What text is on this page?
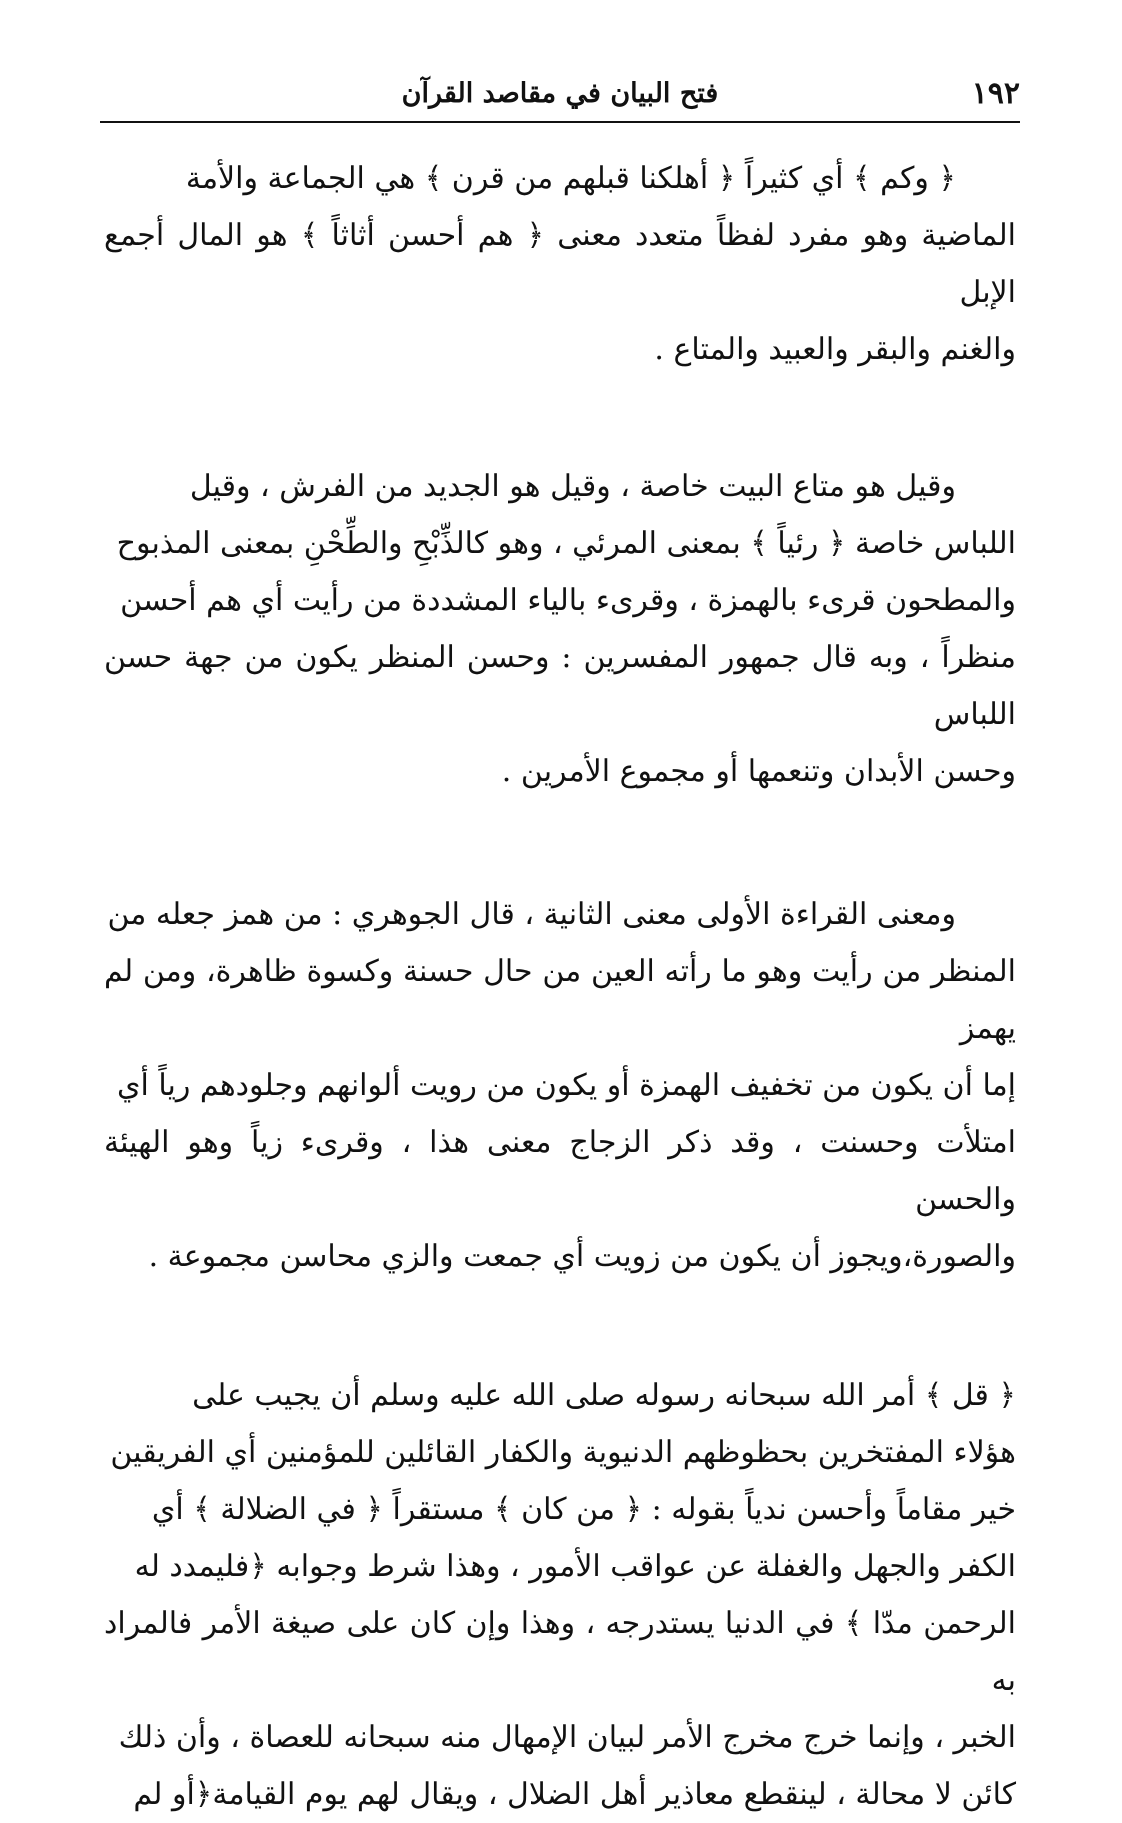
١٩٢
فتح البيان في مقاصد القرآن

﴿ وكم ﴾ أي كثيراً ﴿ أهلكنا قبلهم من قرن ﴾ هي الجماعة والأمة
الماضية وهو مفرد لفظاً متعدد معنى ﴿ هم أحسن أثاثاً ﴾ هو المال أجمع الإبل
والغنم والبقر والعبيد والمتاع .

وقيل هو متاع البيت خاصة ، وقيل هو الجديد من الفرش ، وقيل
اللباس خاصة ﴿ رئياً ﴾ بمعنى المرئي ، وهو كالذِّبْحِ والطِّحْنِ بمعنى المذبوح
والمطحون قرىء بالهمزة ، وقرىء بالياء المشددة من رأيت أي هم أحسن
منظراً ، وبه قال جمهور المفسرين : وحسن المنظر يكون من جهة حسن اللباس
وحسن الأبدان وتنعمها أو مجموع الأمرين .

ومعنى القراءة الأولى معنى الثانية ، قال الجوهري : من همز جعله من
المنظر من رأيت وهو ما رأته العين من حال حسنة وكسوة ظاهرة، ومن لم يهمز
إما أن يكون من تخفيف الهمزة أو يكون من رويت ألوانهم وجلودهم رياً أي
امتلأت وحسنت ، وقد ذكر الزجاج معنى هذا ، وقرىء زياً وهو الهيئة والحسن
والصورة،ويجوز أن يكون من زويت أي جمعت والزي محاسن مجموعة .

﴿ قل ﴾ أمر الله سبحانه رسوله صلى الله عليه وسلم أن يجيب على
هؤلاء المفتخرين بحظوظهم الدنيوية والكفار القائلين للمؤمنين أي الفريقين
خير مقاماً وأحسن ندياً بقوله : ﴿ من كان ﴾ مستقراً ﴿ في الضلالة ﴾ أي
الكفر والجهل والغفلة عن عواقب الأمور ، وهذا شرط وجوابه ﴿فليمدد له
الرحمن مدّا ﴾ في الدنيا يستدرجه ، وهذا وإن كان على صيغة الأمر فالمراد به
الخبر ، وإنما خرج مخرج الأمر لبيان الإمهال منه سبحانه للعصاة ، وأن ذلك
كائن لا محالة ، لينقطع معاذير أهل الضلال ، ويقال لهم يوم القيامة﴿أو لم
